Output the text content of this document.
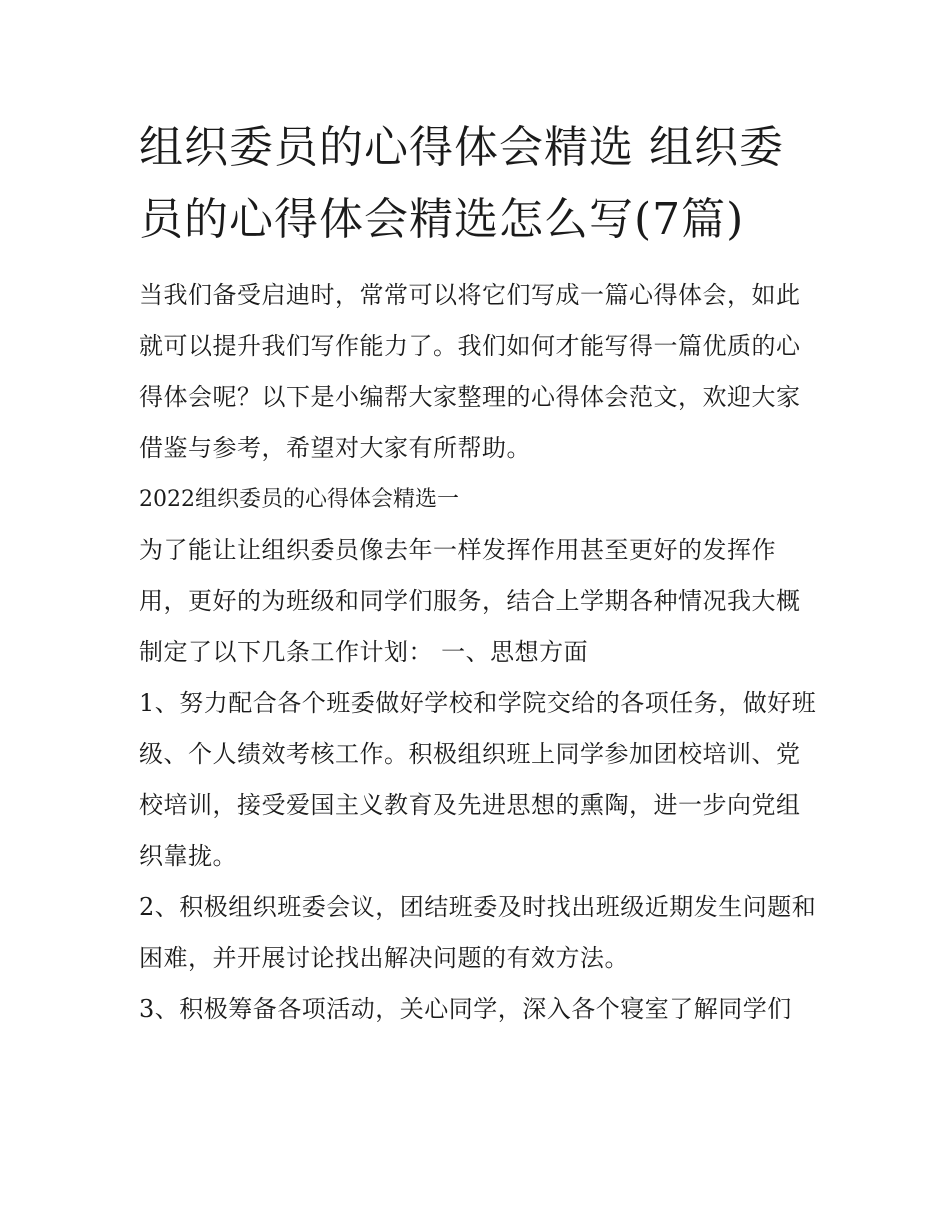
组织委员的心得体会精选 组织委员的心得体会精选怎么写(7篇)

当我们备受启迪时，常常可以将它们写成一篇心得体会，如此就可以提升我们写作能力了。我们如何才能写得一篇优质的心得体会呢？以下是小编帮大家整理的心得体会范文，欢迎大家借鉴与参考，希望对大家有所帮助。

2022组织委员的心得体会精选一

为了能让让组织委员像去年一样发挥作用甚至更好的发挥作用，更好的为班级和同学们服务，结合上学期各种情况我大概制定了以下几条工作计划： 一、思想方面

1、努力配合各个班委做好学校和学院交给的各项任务，做好班级、个人绩效考核工作。积极组织班上同学参加团校培训、党校培训，接受爱国主义教育及先进思想的熏陶，进一步向党组织靠拢。

2、积极组织班委会议，团结班委及时找出班级近期发生问题和困难，并开展讨论找出解决问题的有效方法。

3、积极筹备各项活动，关心同学，深入各个寝室了解同学们
